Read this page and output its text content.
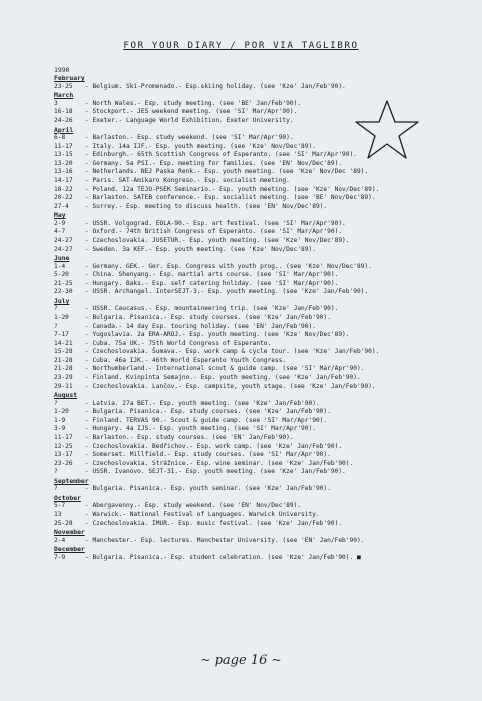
FOR YOUR DIARY / POR VIA TAGLIBRO
1990
February
23-25	- Belgium. Ski-Promenado.- Esp.skiing holiday. (see 'Kze' Jan/Feb'90).
March
3	- North Wales.- Esp. study meeting. (see 'BE' Jan/Feb'90).
16-18	- Stockport.- JES weekend meeting. (see 'SI' Mar/Apr'90).
24-26	- Exeter.- Language World Exhibition. Exeter University.
April
6-8	- Barlaston.- Esp. study weekend. (see 'SI' Mar/Apr'90).
11-17	- Italy. 14a IJF.- Esp. youth meeting. (see 'Kze' Nov/Dec'89).
13-15	- Edinburgh.- 65th Scottish Congress of Esperanto. (see 'SI' Mar/Apr'90).
13-20	- Germany. 5a PSI.- Esp. meeting for families. (see 'EN' Nov/Dec'89).
13-16	- Netherlands. NEJ Paska Renk.- Esp. youth meeting. (see 'Kze' Nov/Dec '89).
14-17	- Paris. SAT-Amikaro Kongreso.- Esp. socialist meeting.
18-22	- Poland. 12a TEJO-PSEK Seminario.- Esp. youth meeting. (see 'Kze' Nov/Dec'89).
20-22	- Barlaston. SATEB conference.- Esp. socialist meeting. (see 'BE' Nov/Dec'89).
27-4	- Surrey.- Esp. meeting to discuss health. (see 'EN' Nov/Dec'89).
May
2-9	- USSR. Volgograd. EOLA-90.- Esp. art festival. (see 'SI' Mar/Apr'90).
4-7	- Oxford.- 74th British Congress of Esperanto. (see 'SI' Mar/Apr'90).
24-27	- Czechoslovakia. JUSETUR.- Esp. youth meeting. (see 'Kze' Nov/Dec'89).
24-27	- Sweden. 3a KEF.- Esp. youth meeting. (see 'Kze' Nov/Dec'89).
June
1-4	- Germany. GEK.- Ger. Esp. Congress with youth prog.. (see 'Kze' Nov/Dec'89).
5-20	- China. Shenyang.- Esp. martial arts course. (see 'SI' Mar/Apr'90).
21-25	- Hungary. Baks.- Esp. self catering holiday. (see 'SI' Mar/Apr'90).
22-30	- USSR. Archangel. InterSEJT-3.- Esp. youth meeting. (see 'Kze' Jan/Feb'90).
July
?	- USSR. Caucasus.- Esp. mountaineering trip. (see 'Kze' Jan/Feb'90).
1-20	- Bulgaria. Pisanica.- Esp. study courses. (see 'Kze' Jan/Feb'90).
?	- Canada.- 14 day Esp. touring holiday. (see 'EN' Jan/Feb'90).
7-17	- Yugoslavia. 2a ERA-AROJ.- Esp. youth meeting. (see 'Kze' Nov/Dec'89).
14-21	- Cuba. 75a UK.- 75th World Congress of Esperanto.
15-28	- Czechoslovakia. Šumava.- Esp. work camp & cycle tour. (see 'Kze' Jan/Feb'90).
21-28	- Cuba. 46a IJK.- 46th World Esperanto Youth Congress.
21-28	- Northumberland.- International scout & guide camp. (see 'SI' Mar/Apr'90).
23-29	- Finland. Kvinpinta Semajno.- Esp. youth meeting. (see 'Kze' Jan/Feb'90).
29-11	- Czechoslovakia. Lančov.- Esp. campsite, youth stage. (see 'Kze' Jan/Feb'90).
August
?	- Latvia. 27a BET.- Esp. youth meeting. (see 'Kze' Jan/Feb'90).
1-20	- Bulgaria. Pisanica.- Esp. study courses. (see 'Kze' Jan/Feb'90).
1-9	- Finland. TERVAS 90.- Scout & guide camp. (see 'SI' Mar/Apr'90).
3-9	- Hungary. 4a IJS.- Esp. youth meeting. (see 'SI' Mar/Apr'90).
11-17	- Barlaston.- Esp. study courses. (see 'EN' Jan/Feb'90).
12-25	- Czechoslovakia. Bedřichov.- Esp. work camp. (see 'Kze' Jan/Feb'90).
13-17	- Somerset. Millfield.- Esp. study courses. (see 'SI' Mar/Apr'90).
23-26	- Czechoslovakia. Strážnice.- Esp. wine seminar. (see 'Kze' Jan/Feb'90).
?	- USSR. Ivanovo. SEJT-31.- Esp. youth meeting. (see 'Kze' Jan/Feb'90).
September
?	- Bulgaria. Pisanica.- Esp. youth seminar. (see 'Kze' Jan/Feb'90).
October
5-7	- Abergavenny.- Esp. study weekend. (see 'EN' Nov/Dec'89).
13	- Warwick.- National Festival of Languages. Warwick University.
25-28	- Czechoslovakia. IMUR.- Esp. music festival. (see 'Kze' Jan/Feb'90).
November
2-4	- Manchester.- Esp. lectures. Manchester University. (see 'EN' Jan/Feb'90).
December
7-9	- Bulgaria. Pisanica.- Esp. student celebration. (see 'Kze' Jan/Feb'90). ■
~ page 16 ~
